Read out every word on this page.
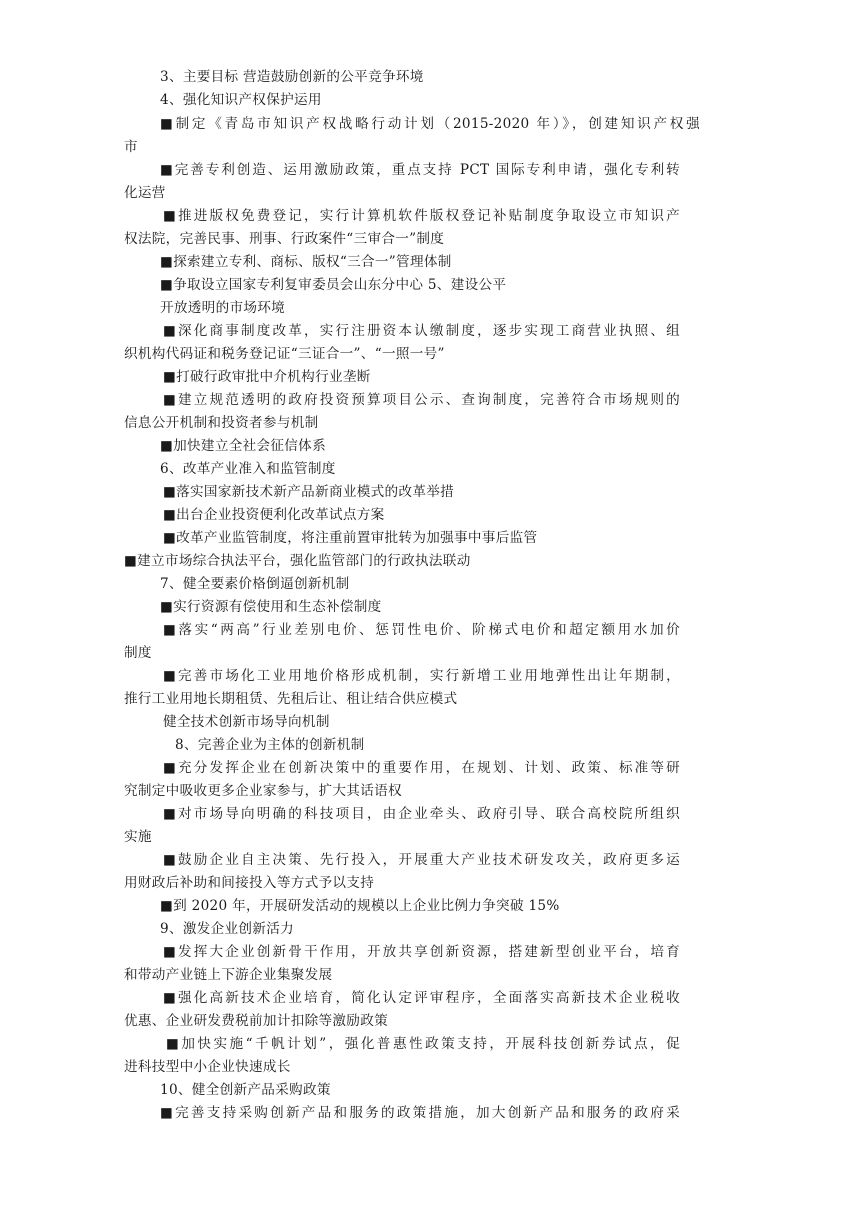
3、主要目标 营造鼓励创新的公平竞争环境
4、强化知识产权保护运用
■制定《青岛市知识产权战略行动计划（2015-2020 年）》，创建知识产权强
市
■完善专利创造、运用激励政策，重点支持 PCT 国际专利申请，强化专利转
化运营
■推进版权免费登记，实行计算机软件版权登记补贴制度争取设立市知识产
权法院，完善民事、刑事、行政案件“三审合一”制度
■探索建立专利、商标、版权“三合一”管理体制
■争取设立国家专利复审委员会山东分中心 5、建设公平
开放透明的市场环境
■深化商事制度改革，实行注册资本认缴制度，逐步实现工商营业执照、组
织机构代码证和税务登记证“三证合一”、“一照一号”
■打破行政审批中介机构行业垄断
■建立规范透明的政府投资预算项目公示、查询制度，完善符合市场规则的
信息公开机制和投资者参与机制
■加快建立全社会征信体系
6、改革产业准入和监管制度
■落实国家新技术新产品新商业模式的改革举措
■出台企业投资便利化改革试点方案
■改革产业监管制度，将注重前置审批转为加强事中事后监管
■建立市场综合执法平台，强化监管部门的行政执法联动
7、健全要素价格倒逼创新机制
■实行资源有偿使用和生态补偿制度
■落实“两高”行业差别电价、惩罚性电价、阶梯式电价和超定额用水加价
制度
■完善市场化工业用地价格形成机制，实行新增工业用地弹性出让年期制，
推行工业用地长期租赁、先租后让、租让结合供应模式
健全技术创新市场导向机制
8、完善企业为主体的创新机制
■充分发挥企业在创新决策中的重要作用，在规划、计划、政策、标准等研
究制定中吸收更多企业家参与，扩大其话语权
■对市场导向明确的科技项目，由企业牵头、政府引导、联合高校院所组织
实施
■鼓励企业自主决策、先行投入，开展重大产业技术研发攻关，政府更多运
用财政后补助和间接投入等方式予以支持
■到 2020 年，开展研发活动的规模以上企业比例力争突破 15%
9、激发企业创新活力
■发挥大企业创新骨干作用，开放共享创新资源，搭建新型创业平台，培育
和带动产业链上下游企业集聚发展
■强化高新技术企业培育，简化认定评审程序，全面落实高新技术企业税收
优惠、企业研发费税前加计扣除等激励政策
■加快实施“千帆计划”，强化普惠性政策支持，开展科技创新券试点，促
进科技型中小企业快速成长
10、健全创新产品采购政策
■完善支持采购创新产品和服务的政策措施，加大创新产品和服务的政府采
